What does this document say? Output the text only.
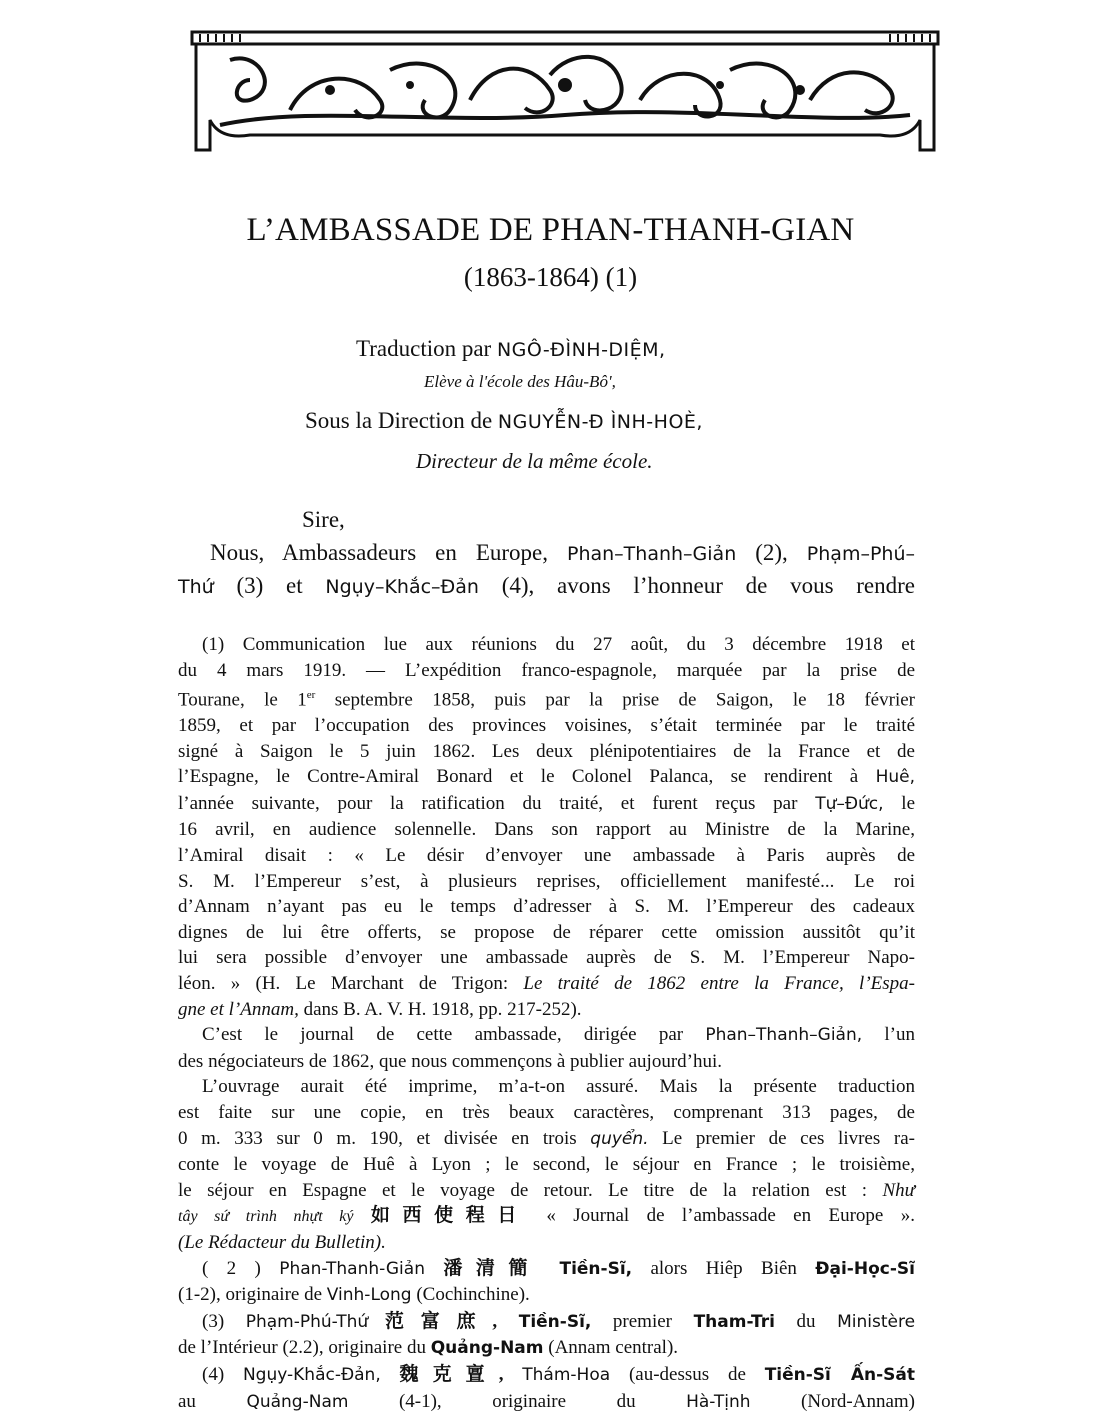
L’AMBASSADE DE PHAN-THANH-GIAN
(1863-1864) (1)
Traduction par NGÔ-ĐÌNH-DIỆM,
Elève à l'école des Hâu-Bô',
Sous la Direction de NGUYỄN-Đ ÌNH-HOÈ,
Directeur de la même école.
Sire,
Nous, Ambassadeurs en Europe, Phan–Thanh–Giản (2), Phạm–Phú–
Thứ (3) et Ngụy–Khắc–Đản (4), avons l’honneur de vous rendre
(1) Communication lue aux réunions du 27 août, du 3 décembre 1918 et
du 4 mars 1919. — L’expédition franco-espagnole, marquée par la prise de
Tourane, le 1er septembre 1858, puis par la prise de Saigon, le 18 février
1859, et par l’occupation des provinces voisines, s’était terminée par le traité
signé à Saigon le 5 juin 1862. Les deux plénipotentiaires de la France et de
l’Espagne, le Contre-Amiral Bonard et le Colonel Palanca, se rendirent à Huê,
l’année suivante, pour la ratification du traité, et furent reçus par Tự–Đức, le
16 avril, en audience solennelle. Dans son rapport au Ministre de la Marine,
l’Amiral disait : « Le désir d’envoyer une ambassade à Paris auprès de
S. M. l’Empereur s’est, à plusieurs reprises, officiellement manifesté... Le roi
d’Annam n’ayant pas eu le temps d’adresser à S. M. l’Empereur des cadeaux
dignes de lui être offerts, se propose de réparer cette omission aussitôt qu’it
lui sera possible d’envoyer une ambassade auprès de S. M. l’Empereur Napo-
léon. » (H. Le Marchant de Trigon: Le traité de 1862 entre la France, l’Espa-
gne et l’Annam, dans B. A. V. H. 1918, pp. 217-252).
C’est le journal de cette ambassade, dirigée par Phan–Thanh–Giản, l’un
des négociateurs de 1862, que nous commençons à publier aujourd’hui.
L’ouvrage aurait été imprime, m’a-t-on assuré. Mais la présente traduction
est faite sur une copie, en très beaux caractères, comprenant 313 pages, de
0 m. 333 sur 0 m. 190, et divisée en trois quyển. Le premier de ces livres ra-
conte le voyage de Huê à Lyon ; le second, le séjour en France ; le troisième,
le séjour en Espagne et le voyage de retour. Le titre de la relation est : Như
tây sứ trình nhựt ký 如西使程日 « Journal de l’ambassade en Europe ».
(Le Rédacteur du Bulletin).
( 2 ) Phan-Thanh-Giản 潘清簡 Tiền-Sĩ, alors Hiêp Biên Đại-Học-Sĩ
(1-2), originaire de Vinh-Long (Cochinchine).
(3) Phạm-Phú-Thứ范富庶, Tiền-Sĩ, premier Tham-Tri du Ministère
de l’Intérieur (2.2), originaire du Quảng-Nam (Annam central).
(4) Ngụy-Khắc-Đản, 魏克亶, Thám-Hoa (au-dessus de Tiền-Sĩ Ấn-Sát
au	Quảng-Nam	(4-1),	originaire	du	Hà-Tịnh	(Nord-Annam)
